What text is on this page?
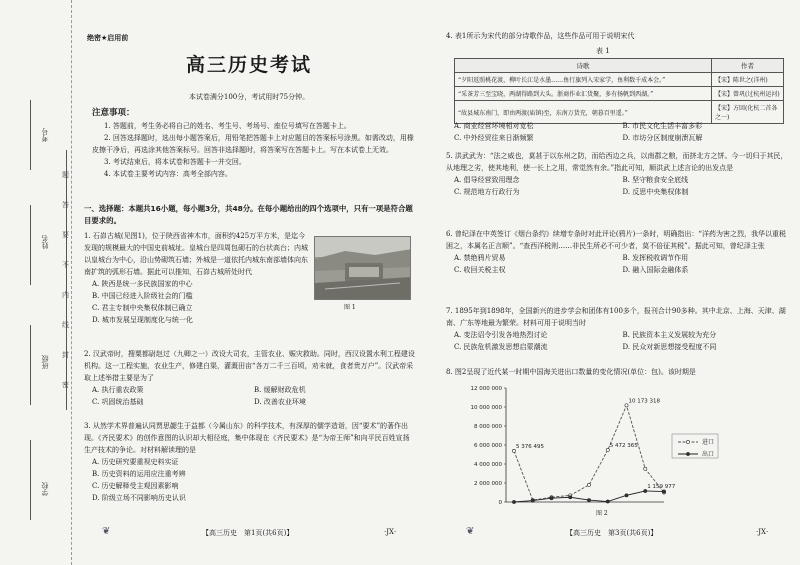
考号
姓名
班级
学校
题
答
要
不
内
线
封
密
绝密★启用前
高三历史考试
本试卷满分100分，考试用时75分钟。
注意事项：

1. 答题前，考生务必将自己的姓名、考生号、考场号、座位号填写在答题卡上。

2. 回答选择题时，选出每小题答案后，用铅笔把答题卡上对应题目的答案标号涂黑。如需改动，用橡皮擦干净后，再选涂其他答案标号。回答非选择题时，将答案写在答题卡上。写在本试卷上无效。

3. 考试结束后，将本试卷和答题卡一并交回。

4. 本试卷主要考试内容：高考全部内容。

一、选择题：本题共16小题，每小题3分，共48分。在每小题给出的四个选项中，只有一项是符合题目要求的。
1. 石峁古城(见图1)，位于陕西省神木市，面积约425万平方米，是迄今发现的规模最大的中国史前城址。皇城台是四周包砌石的台状高台；内城以皇城台为中心，沿山势砌筑石墙；外城是一道依托内城东南部墙体向东南扩筑的弧形石墙。据此可以推知，石峁古城所处时代
A. 陕西是统一多民族国家的中心
B. 中国已经进入阶级社会的门槛
C. 君主专制中央集权体制已确立
D. 城市发展呈现制度化与统一化
图 1
2. 汉武帝时，搜粟都尉赵过（九卿之一）改设大司农，主管农业、赈灾救助。同时，西汉设置水利工程建设机构。这一工程实施，农业生产，修建白渠，灌溉田亩“各万二千三百顷，劝末就，食者贵万户”。汉武帝采取上述举措主要是为了
A. 执行重农政策	B. 缓解财政危机
C. 巩固统治基础	D. 改善农业环境
3. 从然学术界普遍认同贾思勰生于益都（今属山东）的科学技术，有深厚的儒学造诣，因“要术”的著作出现。《齐民要术》的创作意图的认识却大相径庭，集中体现在《齐民要术》是“为帝王师”和向平民百姓宣扬生产技术的争论。对材料解读理的是
A. 历史研究要重视史料实证
B. 历史资料的运用应注重考辨
C. 历史解释受主观因素影响
D. 阶级立场不同影响历史认识
❦	【高三历史　第1页(共6页)】	·JX·
4. 表1所示为宋代的部分诗歌作品，这些作品可用于说明宋代
表 1
诗歌	作者
“夕阳返照桃花渡，柳叶长江是水墨……鱼行旗列入宋家学，鱼利数千成本会。”	【宋】陈世之(洋州)
“采茶芳三至宝晓，两湖得路到大头。浙商作业汇货聚，多有扬帆到西湖。”	【宋】曾巩(过杭州运河)
“故县城东南门，即由两渡(庙镇)至，东南万货充，朝暮百里遥。”	【宋】方回(化杭二首各之一)
A. 商业经营环境相对宽松	B. 市民文化生活丰富多彩
C. 中外经贸往来日渐频繁	D. 市坊分区制度崩溃瓦解
5. 洪武武为：“法之威也，莫甚于以东州之防，而给西边之兵，以南郡之粮，而挤北方之饼。今一切归于其民，从地理之劣，使其地利，使一长上之用，常觉然有余。”指此可知，顺洪武上述言论的出发点是
A. 倡导经营致用理念	B. 坚守粮食安全底线
C. 规范地方行政行为	D. 反思中央集权体制
6. 曾纪泽在中英签订《烟台条约》续增专条时对此评论(鸦片)一条时，明确指出：“洋药为害之烈，我华以重税困之，本属名正言顺”。“查西洋税则……非民生所必不可少者，莫不倍征其税”。据此可知，曾纪泽主张
A. 禁绝鸦片贸易	B. 发挥税收调节作用
C. 收回关税主权	D. 融入国际金融体系
7. 1895年到1898年，全国新兴的进步学会和团体有100多个，报刊合计90多种。其中北京、上海、天津、湖南、广东等地最为繁荣。材料可用于说明当时
A. 变法诏令引发各地热烈讨论	B. 民族资本主义发展较为充分
C. 民族危机激发思想启蒙潮流	D. 民众对新思想接受程度不同
8. 图2呈现了近代某一时期中国海关进出口数量的变化情况(单位：包)。该时期是
0
2 000 000
4 000 000
6 000 000
8 000 000
10 000 000
12 000 000
5 376 495	5 472 365
10 173 318
1 159 977
进口
出口
图 2
❦	【高三历史　第3页(共6页)】	·JX·
